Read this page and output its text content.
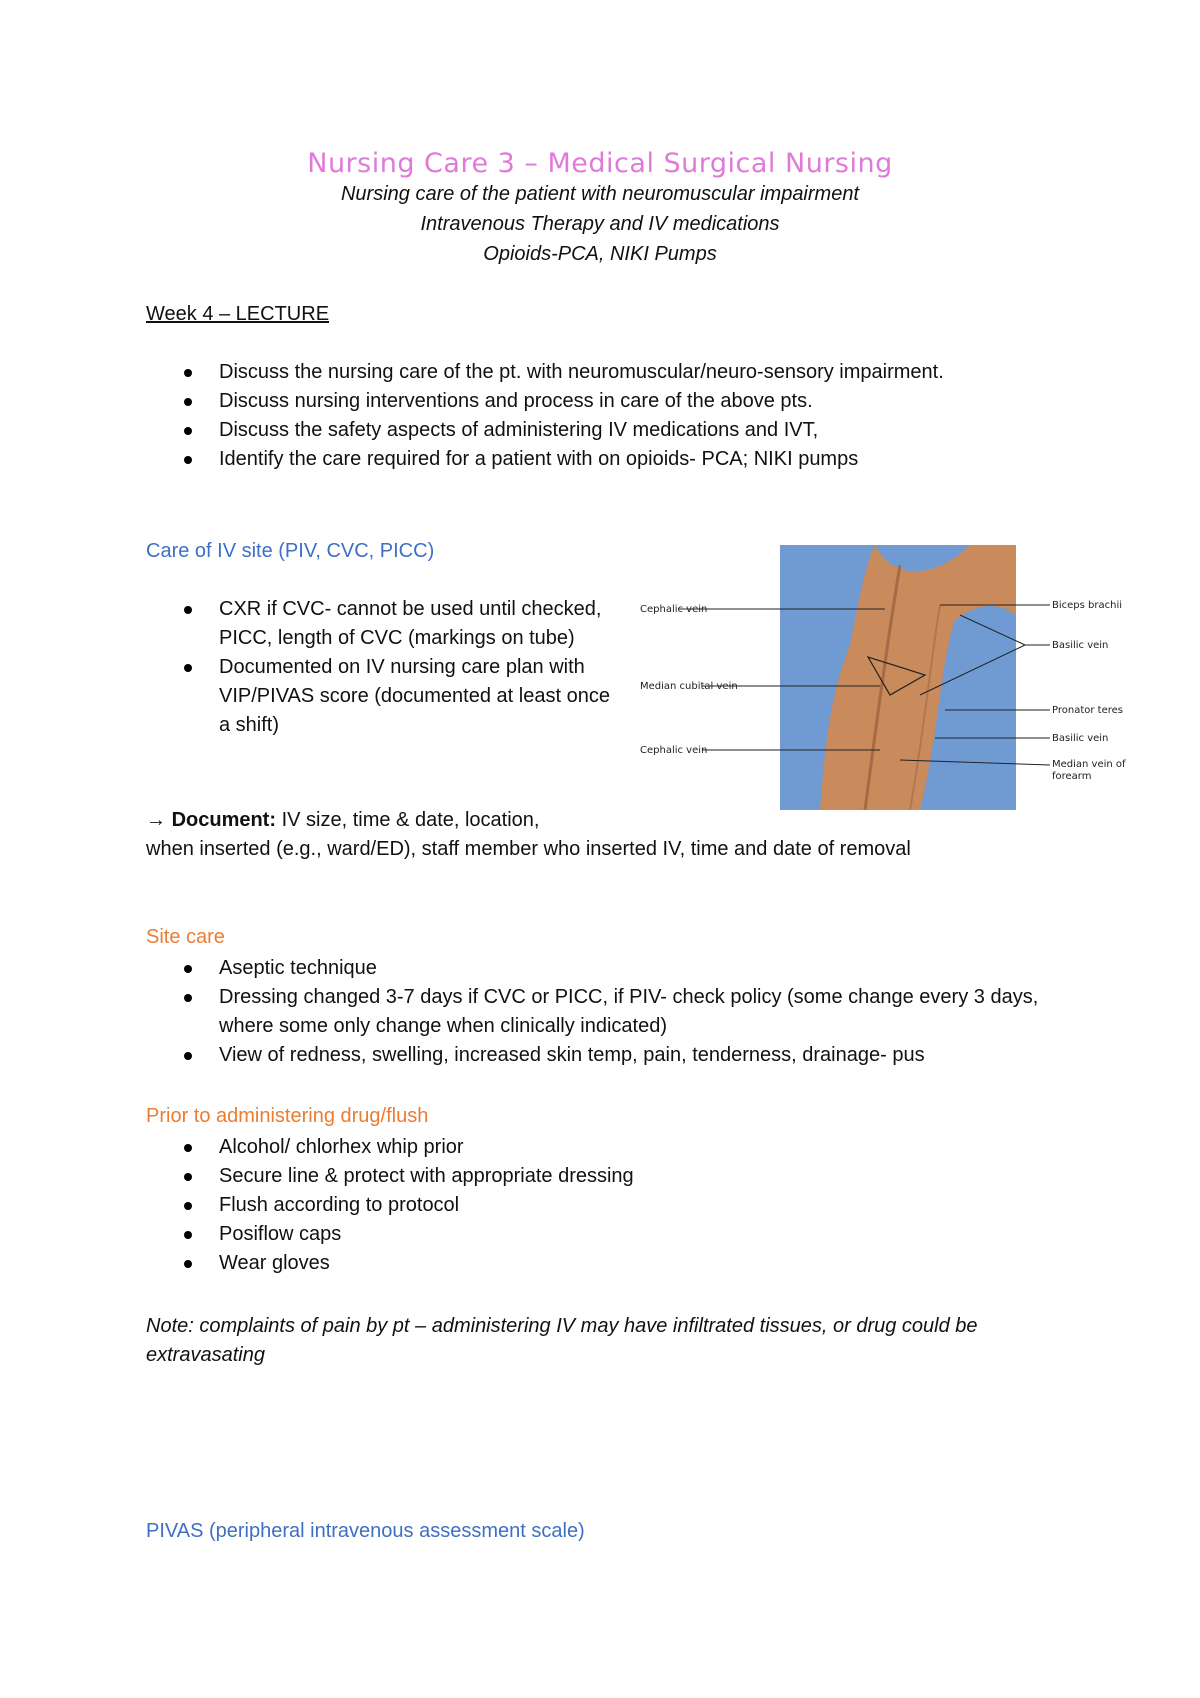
Nursing Care 3 – Medical Surgical Nursing
Nursing care of the patient with neuromuscular impairment
Intravenous Therapy and IV medications
Opioids-PCA, NIKI Pumps
Week 4 – LECTURE
Discuss the nursing care of the pt. with neuromuscular/neuro-sensory impairment.
Discuss nursing interventions and process in care of the above pts.
Discuss the safety aspects of administering IV medications and IVT,
Identify the care required for a patient with on opioids- PCA; NIKI pumps
Care of IV site (PIV, CVC, PICC)
CXR if CVC- cannot be used until checked, PICC, length of CVC (markings on tube)
Documented on IV nursing care plan with VIP/PIVAS score (documented at least once a shift)
→ Document: IV size, time & date, location,
when inserted (e.g., ward/ED), staff member who inserted IV, time and date of removal
Cephalic vein
Median cubital vein
Cephalic vein
Biceps brachii
Basilic vein
Pronator teres
Basilic vein
Median vein of
forearm
Site care
Aseptic technique
Dressing changed 3-7 days if CVC or PICC, if PIV- check policy (some change every 3 days, where some only change when clinically indicated)
View of redness, swelling, increased skin temp, pain, tenderness, drainage- pus
Prior to administering drug/flush
Alcohol/ chlorhex whip prior
Secure line & protect with appropriate dressing
Flush according to protocol
Posiflow caps
Wear gloves
Note: complaints of pain by pt – administering IV may have infiltrated tissues, or drug could be extravasating
PIVAS (peripheral intravenous assessment scale)
